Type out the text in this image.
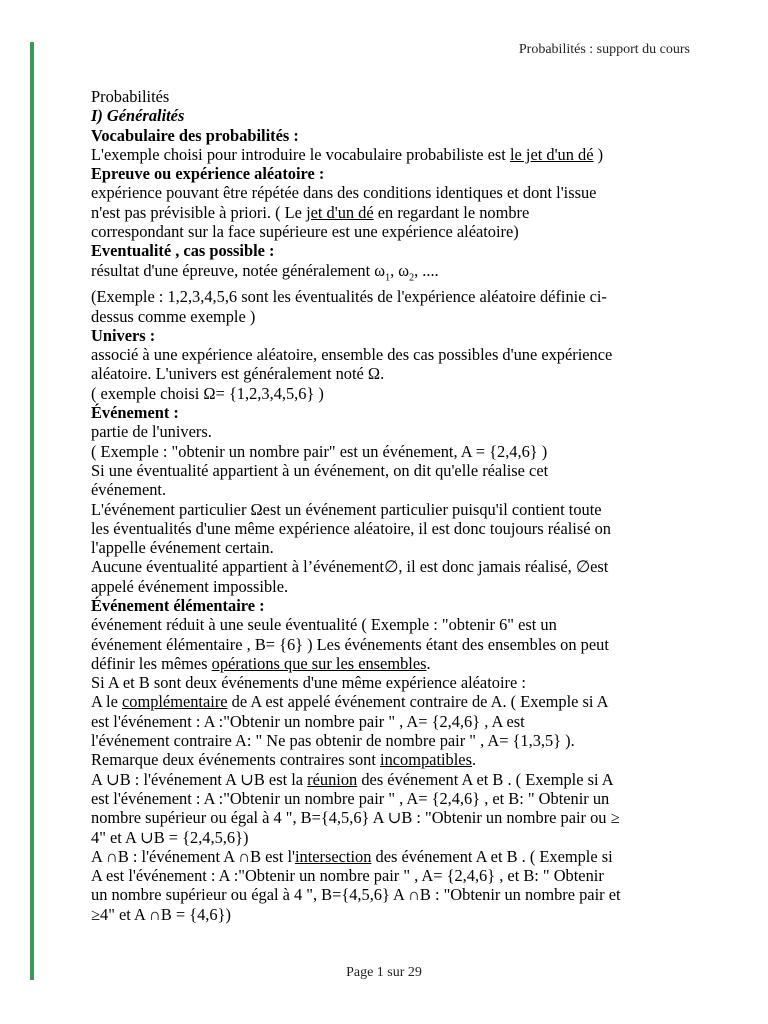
Probabilités : support du cours

Probabilités

I) Généralités

Vocabulaire des probabilités :

L'exemple choisi pour introduire le vocabulaire probabiliste est le jet d'un dé )

Epreuve ou expérience aléatoire :

expérience pouvant être répétée dans des conditions identiques et dont l'issue

n'est pas prévisible à priori. ( Le jet d'un dé en regardant le nombre

correspondant sur la face supérieure est une expérience aléatoire)

Eventualité , cas possible :

résultat d'une épreuve, notée généralement $\omega_1$, $\omega_2$, ....

(Exemple : 1,2,3,4,5,6 sont les éventualités de l'expérience aléatoire définie ci-

dessus comme exemple )

Univers :

associé à une expérience aléatoire, ensemble des cas possibles d'une expérience

aléatoire. L'univers est généralement noté Ω.

( exemple choisi Ω= {1,2,3,4,5,6} )

Événement :

partie de l'univers.

( Exemple : "obtenir un nombre pair" est un événement, A = {2,4,6} )

Si une éventualité appartient à un événement, on dit qu'elle réalise cet

événement.

L'événement particulier Ωest un événement particulier puisqu'il contient toute

les éventualités d'une même expérience aléatoire, il est donc toujours réalisé on

l'appelle événement certain.

Aucune éventualité appartient à l’événement∅, il est donc jamais réalisé, ∅est

appelé événement impossible.

Événement élémentaire :

événement réduit à une seule éventualité ( Exemple : "obtenir 6" est un

événement élémentaire , B= {6} ) Les événements étant des ensembles on peut

définir les mêmes opérations que sur les ensembles.

Si A et B sont deux événements d'une même expérience aléatoire :

A le complémentaire de A est appelé événement contraire de A. ( Exemple si A

est l'événement : A :"Obtenir un nombre pair " , A= {2,4,6} , A est

l'événement contraire A: " Ne pas obtenir de nombre pair " , A= {1,3,5} ).

Remarque deux événements contraires sont incompatibles.

A ∪B : l'événement A ∪B est la réunion des événement A et B . ( Exemple si A

est l'événement : A :"Obtenir un nombre pair " , A= {2,4,6} , et B: " Obtenir un

nombre supérieur ou égal à 4 ", B={4,5,6} A ∪B : "Obtenir un nombre pair ou ≥

4" et A ∪B = {2,4,5,6})

A ∩B : l'événement A ∩B est l'intersection des événement A et B . ( Exemple si

A est l'événement : A :"Obtenir un nombre pair " , A= {2,4,6} , et B: " Obtenir

un nombre supérieur ou égal à 4 ", B={4,5,6} A ∩B : "Obtenir un nombre pair et

≥4" et A ∩B = {4,6})

Page 1 sur 29
